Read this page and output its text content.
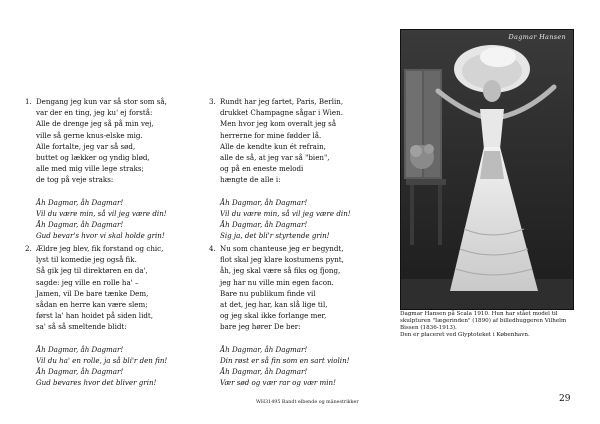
1. Dengang jeg kun var så stor som så,
var der en ting, jeg ku' ej forstå:
Alle de drenge jeg så på min vej,
ville så gerne knus-elske mig.
Alle fortalte, jeg var så sød,
buttet og lækker og yndig blød,
alle med mig ville lege straks;
de tog på veje straks:
Åh Dagmar, åh Dagmar!
Vil du være min, så vil jeg være din!
Åh Dagmar, åh Dagmar!
Gud bevar's hvor vi skal holde grin!
2. Ældre jeg blev, fik forstand og chic,
lyst til komedie jeg også fik.
Så gik jeg til direktøren en da',
sagde: jeg ville en rolle ha' –
Jamen, vil De bare tænke Dem,
sådan en herre kan være slem;
først la' han hoidet på siden lidt,
sa' så så smeltende blidt:
Åh Dagmar, åh Dagmar!
Vil du ha' en rolle, ja så bli'r den fin!
Åh Dagmar, åh Dagmar!
Gud bevares hvor det bliver grin!
3. Rundt har jeg fartet, Paris, Berlin,
drukket Champagne sågar i Wien.
Men hvor jeg kom overalt jeg så
herrerne for mine fødder lå.
Alle de kendte kun ét refrain,
alle de så, at jeg var så "bien",
og på en eneste melodi
hængte de alle i:
Åh Dagmar, åh Dagmar!
Vil du være min, så vil jeg være din!
Åh Dagmar, åh Dagmar!
Sig ja, det bli'r styrtende grin!
4. Nu som chanteuse jeg er begyndt,
flot skal jeg klare kostumens pynt,
åh, jeg skal være så fiks og fjong,
jeg har nu ville min egen facon.
Bare nu publikum finde vil
at det, jeg har, kan slå lige til,
og jeg skal ikke forlange mer,
bare jeg hører De ber:
Åh Dagmar, åh Dagmar!
Din røst er så fin som en sart violin!
Åh Dagmar, åh Dagmar!
Vær sød og vær rar og vær min!
Dagmar Hansen
Dagmar Hansen på Scala 1910. Hun har stået model til
skulpturen "Iægerinden" (1890) af billedhuggeren Vilhelm
Bissen (1836-1913).
Den er placeret ved Glyptoteket i København.
WH31495 Bandt elbende og mänestrikker	29
